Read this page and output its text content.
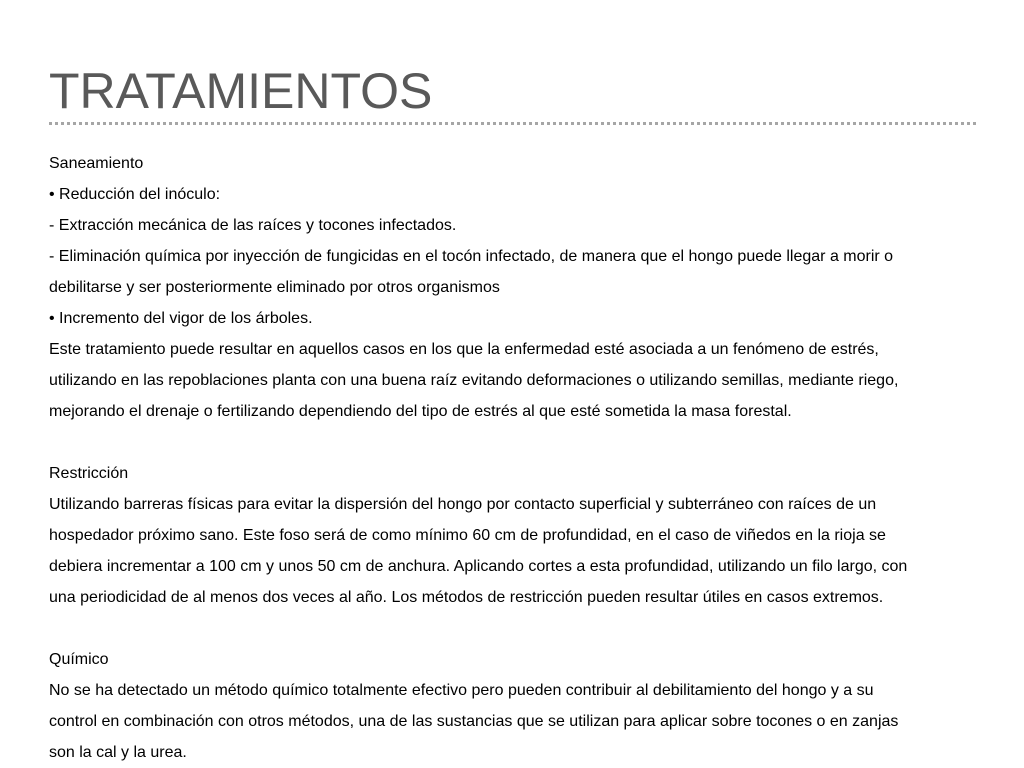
TRATAMIENTOS
Saneamiento
• Reducción del inóculo:
- Extracción mecánica de las raíces y tocones infectados.
- Eliminación química por inyección de fungicidas en el tocón infectado, de manera que el hongo puede llegar a morir o
debilitarse y ser posteriormente eliminado por otros organismos
• Incremento del vigor de los árboles.
Este tratamiento puede resultar en aquellos casos en los que la enfermedad esté asociada a un fenómeno de estrés,
utilizando en las repoblaciones planta con una buena raíz evitando deformaciones o utilizando semillas, mediante riego,
mejorando el drenaje o fertilizando dependiendo del tipo de estrés al que esté sometida la masa forestal.
Restricción
Utilizando barreras físicas para evitar la dispersión del hongo por contacto superficial y subterráneo con raíces de un
hospedador próximo sano. Este foso será de como mínimo 60 cm de profundidad, en el caso de viñedos en la rioja se
debiera incrementar a 100 cm y unos 50 cm de anchura. Aplicando cortes a esta profundidad, utilizando un filo largo, con
una periodicidad de al menos dos veces al año. Los métodos de restricción pueden resultar útiles en casos extremos.
Químico
No se ha detectado un método químico totalmente efectivo pero pueden contribuir al debilitamiento del hongo y a su
control en combinación con otros métodos, una de las sustancias que se utilizan para aplicar sobre tocones o en zanjas
son la cal y la urea.
